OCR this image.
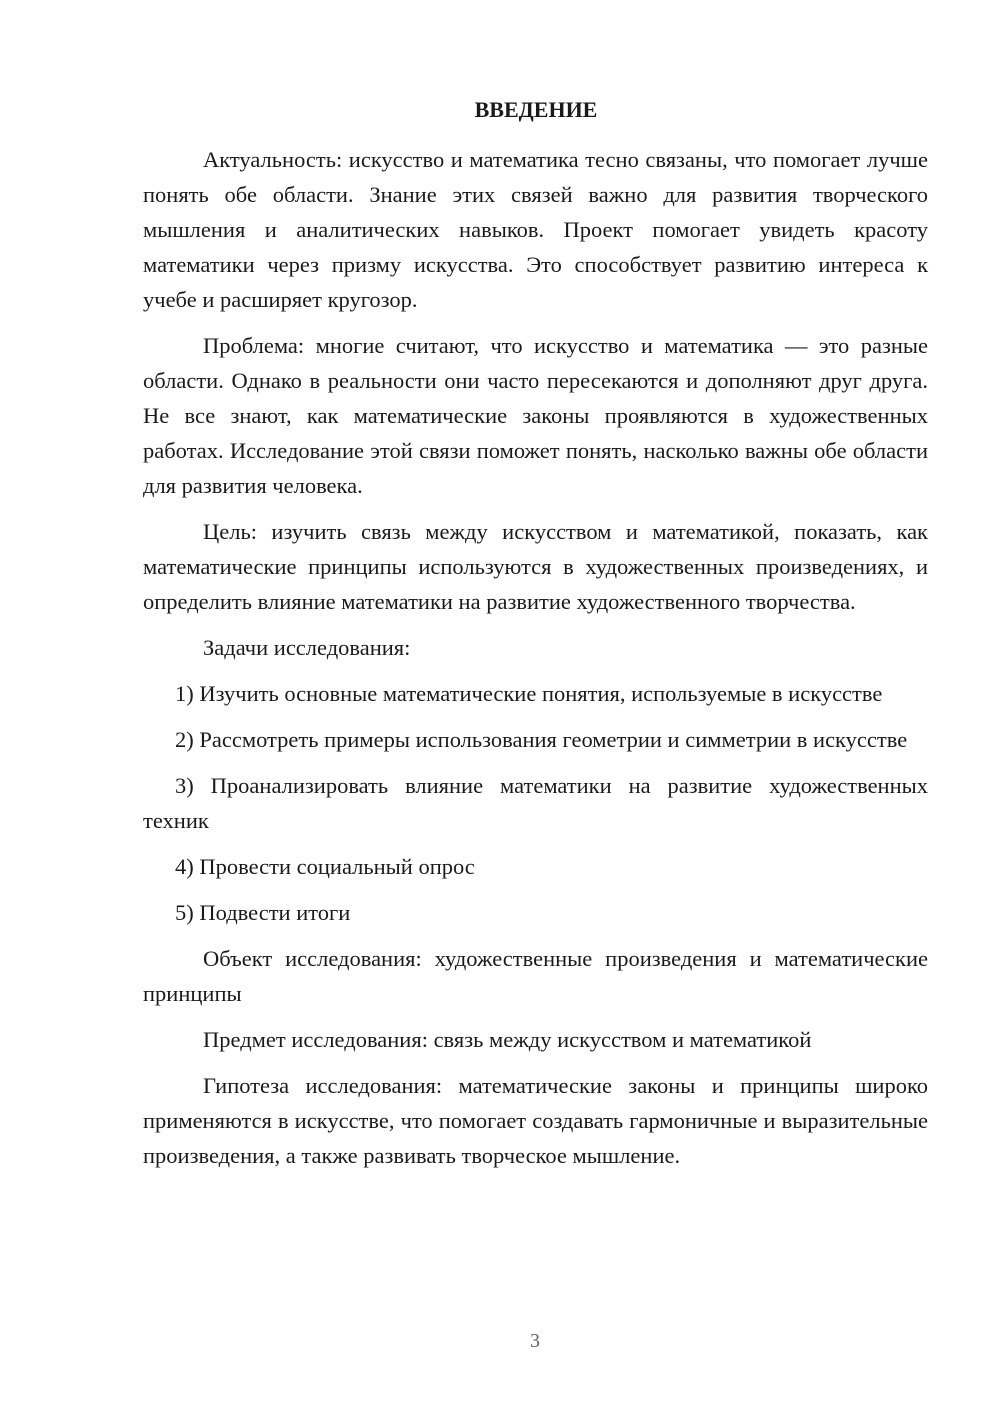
ВВЕДЕНИЕ

Актуальность: искусство и математика тесно связаны, что помогает лучше понять обе области. Знание этих связей важно для развития творческого мышления и аналитических навыков. Проект помогает увидеть красоту математики через призму искусства. Это способствует развитию интереса к учебе и расширяет кругозор.

Проблема: многие считают, что искусство и математика — это разные области. Однако в реальности они часто пересекаются и дополняют друг друга. Не все знают, как математические законы проявляются в художественных работах. Исследование этой связи поможет понять, насколько важны обе области для развития человека.

Цель: изучить связь между искусством и математикой, показать, как математические принципы используются в художественных произведениях, и определить влияние математики на развитие художественного творчества.

Задачи исследования:

1) Изучить основные математические понятия, используемые в искусстве

2) Рассмотреть примеры использования геометрии и симметрии в искусстве

3) Проанализировать влияние математики на развитие художественных техник

4) Провести социальный опрос

5) Подвести итоги

Объект исследования: художественные произведения и математические принципы

Предмет исследования: связь между искусством и математикой

Гипотеза исследования: математические законы и принципы широко применяются в искусстве, что помогает создавать гармоничные и выразительные произведения, а также развивать творческое мышление.

3
